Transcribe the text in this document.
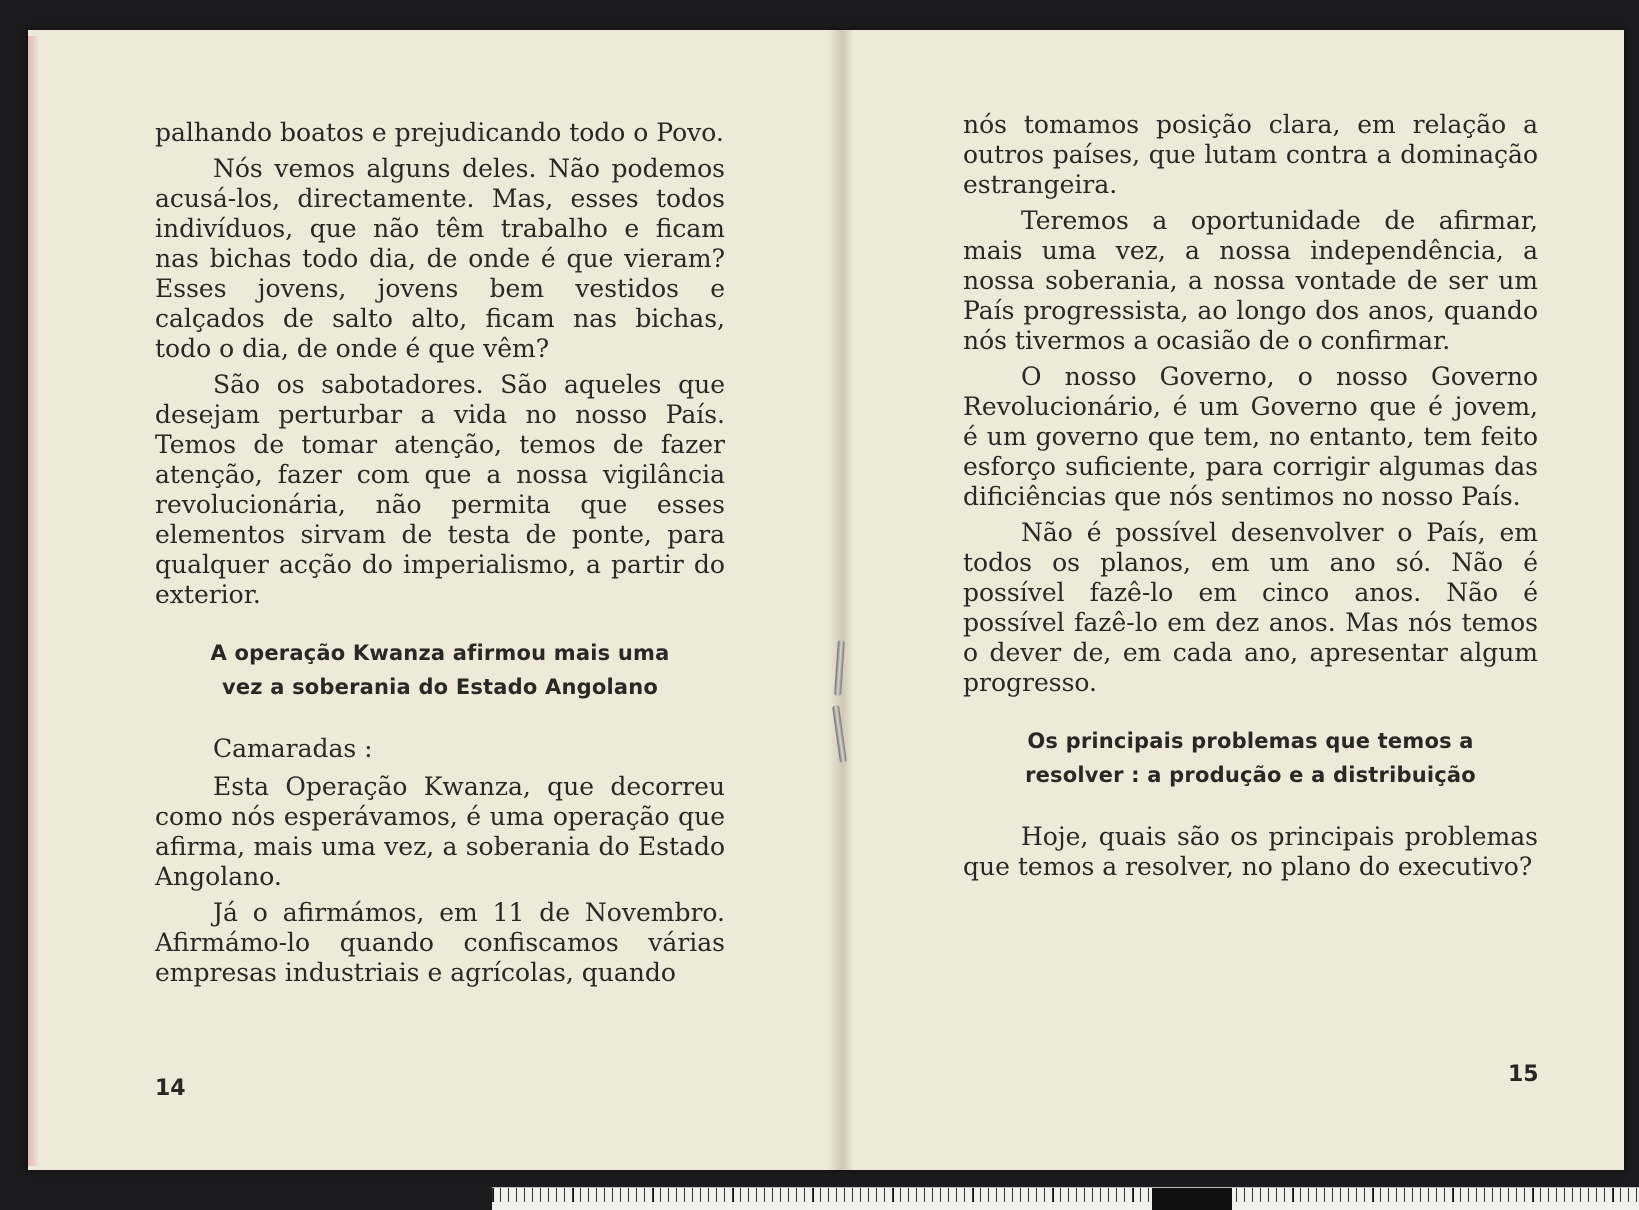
palhando boatos e prejudicando todo o Povo.

Nós vemos alguns deles. Não podemos acusá-los, directamente. Mas, esses todos indivíduos, que não têm trabalho e ficam nas bichas todo dia, de onde é que vieram? Esses jovens, jovens bem vestidos e calçados de salto alto, ficam nas bichas, todo o dia, de onde é que vêm?

São os sabotadores. São aqueles que desejam perturbar a vida no nosso País. Temos de tomar atenção, temos de fazer atenção, fazer com que a nossa vigilância revolucionária, não permita que esses elementos sirvam de testa de ponte, para qualquer acção do imperialismo, a partir do exterior.

A operação Kwanza afirmou mais uma
vez a soberania do Estado Angolano

Camaradas :

Esta Operação Kwanza, que decorreu como nós esperávamos, é uma operação que afirma, mais uma vez, a soberania do Estado Angolano.

Já o afirmámos, em 11 de Novembro. Afirmámo-lo quando confiscamos várias empresas industriais e agrícolas, quando

14

nós tomamos posição clara, em relação a outros países, que lutam contra a dominação estrangeira.

Teremos a oportunidade de afirmar, mais uma vez, a nossa independência, a nossa soberania, a nossa vontade de ser um País progressista, ao longo dos anos, quando nós tivermos a ocasião de o confirmar.

O nosso Governo, o nosso Governo Revolucionário, é um Governo que é jovem, é um governo que tem, no entanto, tem feito esforço suficiente, para corrigir algumas das dificiências que nós sentimos no nosso País.

Não é possível desenvolver o País, em todos os planos, em um ano só. Não é possível fazê-lo em cinco anos. Não é possível fazê-lo em dez anos. Mas nós temos o dever de, em cada ano, apresentar algum progresso.

Os principais problemas que temos a
resolver : a produção e a distribuição

Hoje, quais são os principais problemas que temos a resolver, no plano do executivo?

15
